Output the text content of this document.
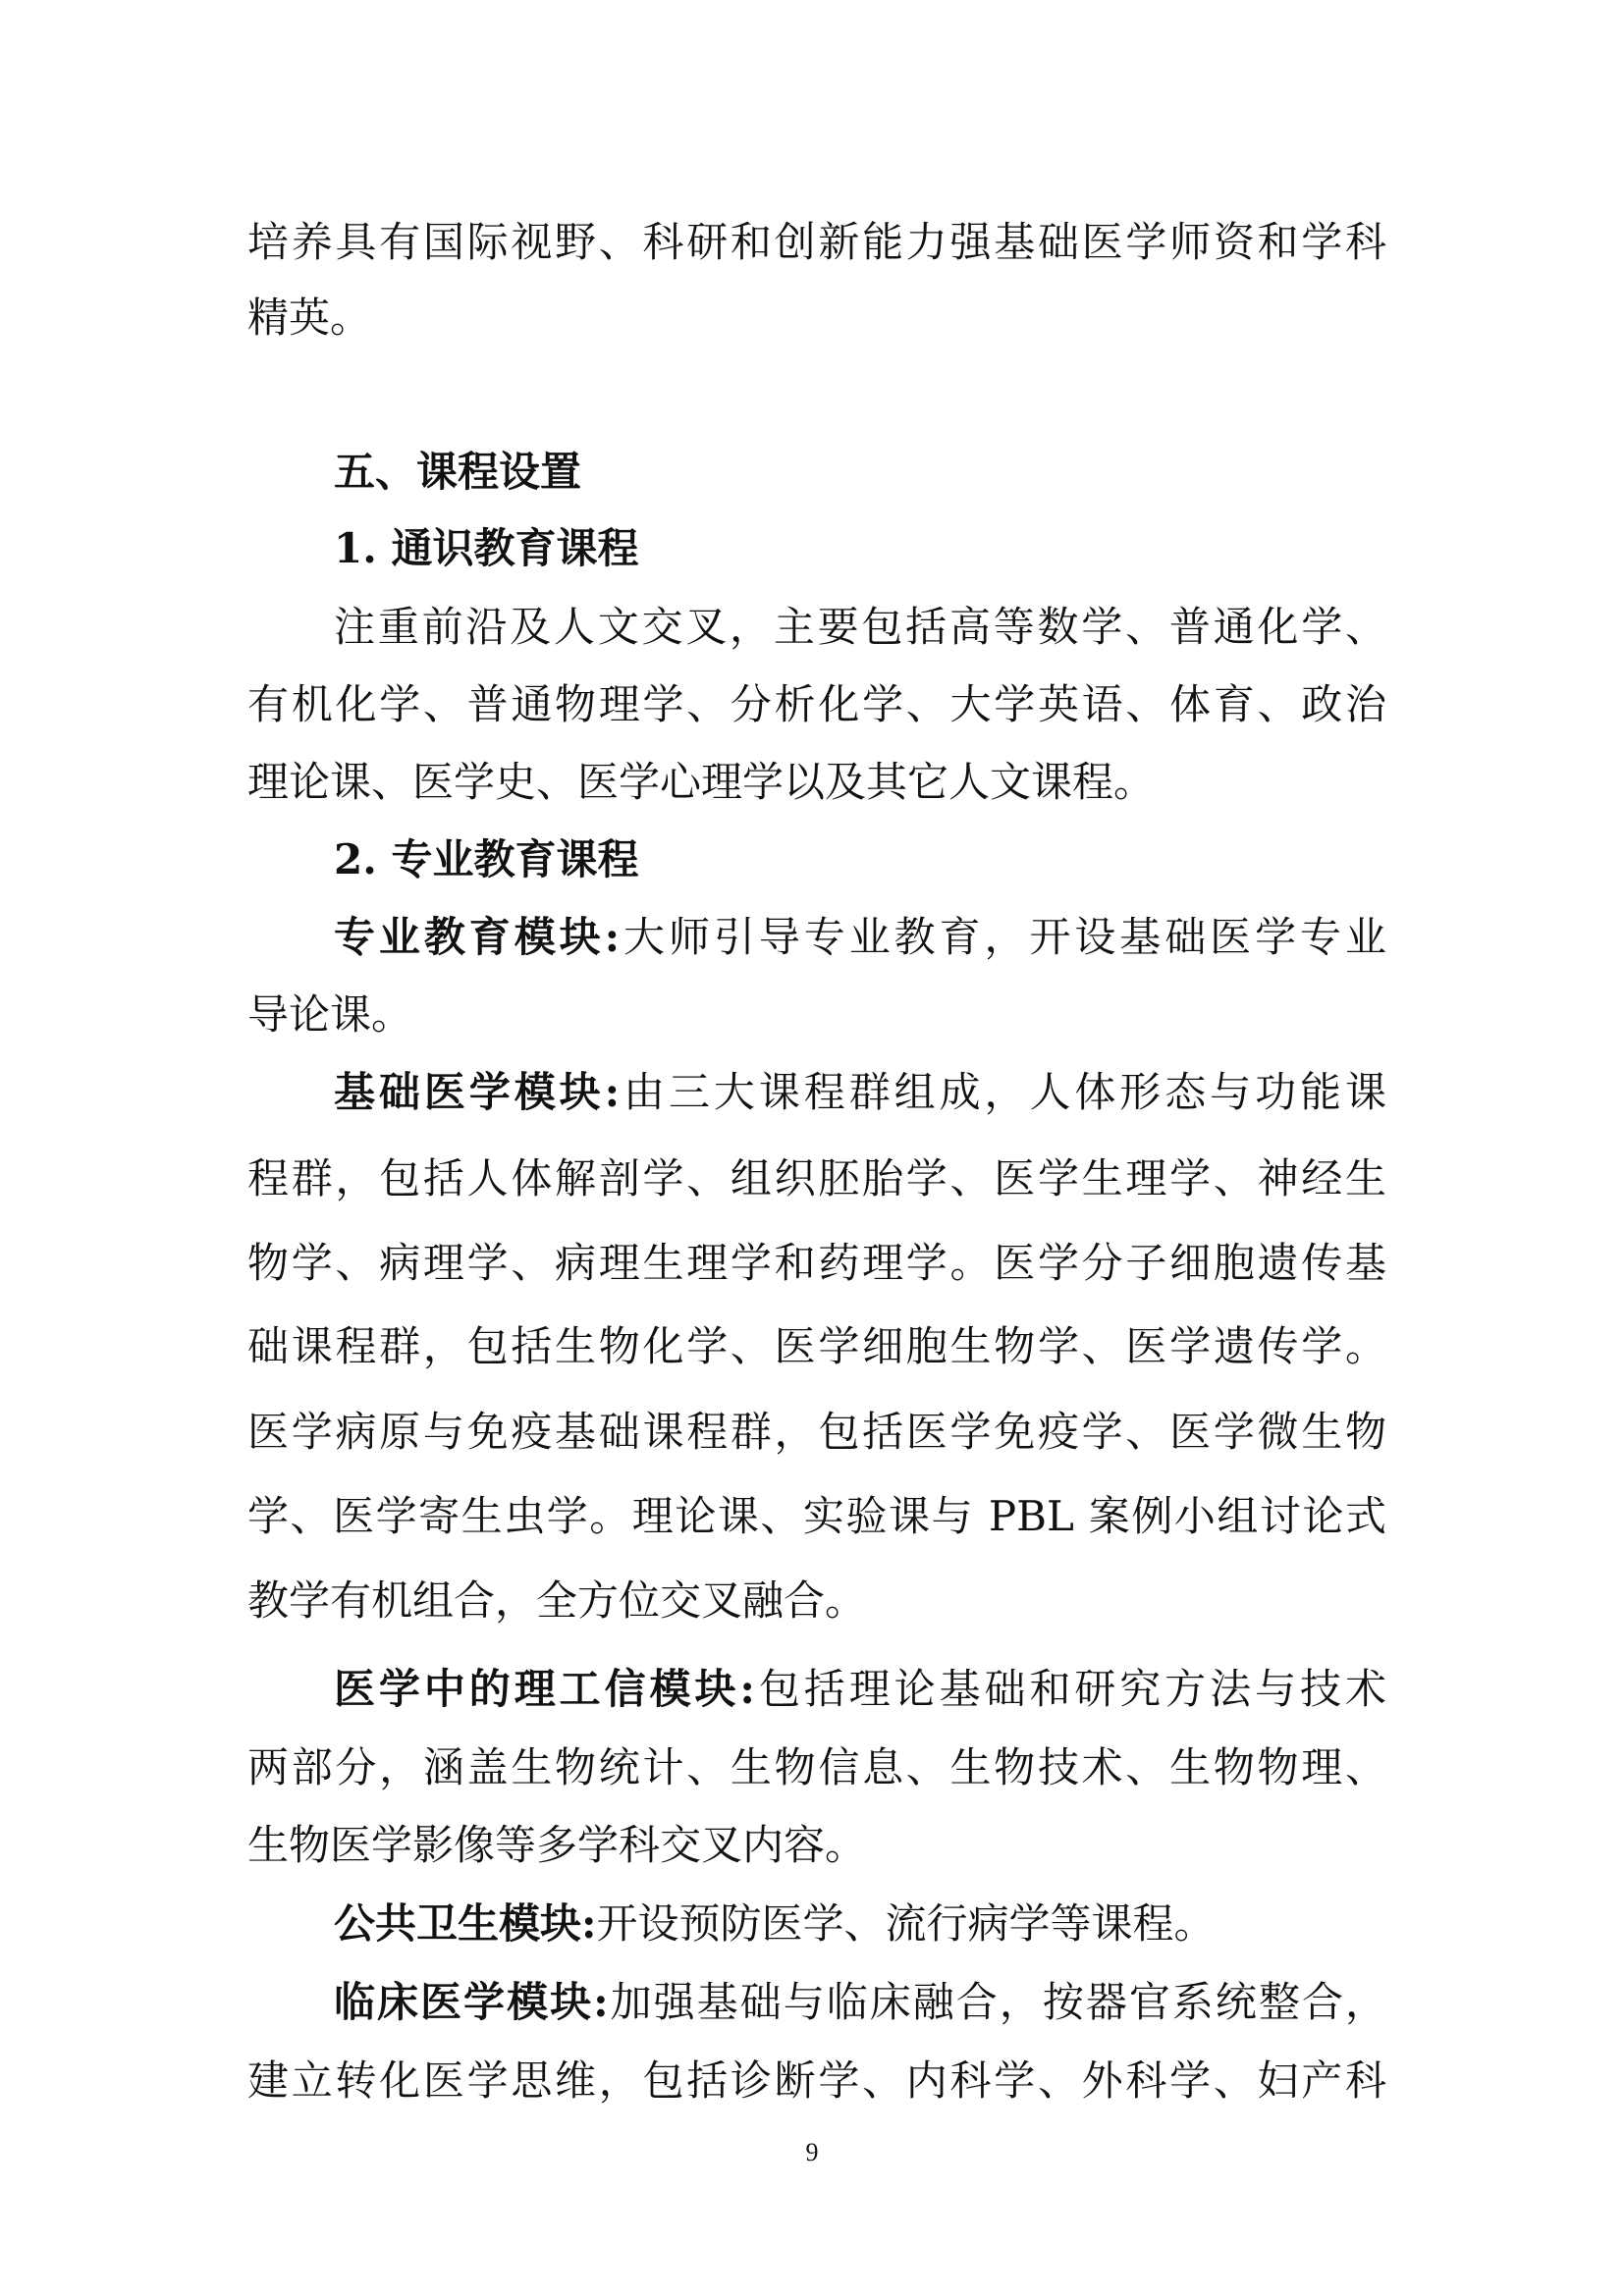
培养具有国际视野、科研和创新能力强基础医学师资和学科
精英。
五、课程设置
1. 通识教育课程
注重前沿及人文交叉，主要包括高等数学、普通化学、
有机化学、普通物理学、分析化学、大学英语、体育、政治
理论课、医学史、医学心理学以及其它人文课程。
2. 专业教育课程
专业教育模块:大师引导专业教育，开设基础医学专业
导论课。
基础医学模块:由三大课程群组成，人体形态与功能课
程群，包括人体解剖学、组织胚胎学、医学生理学、神经生
物学、病理学、病理生理学和药理学。医学分子细胞遗传基
础课程群，包括生物化学、医学细胞生物学、医学遗传学。
医学病原与免疫基础课程群，包括医学免疫学、医学微生物
学、医学寄生虫学。理论课、实验课与 PBL 案例小组讨论式
教学有机组合，全方位交叉融合。
医学中的理工信模块:包括理论基础和研究方法与技术
两部分，涵盖生物统计、生物信息、生物技术、生物物理、
生物医学影像等多学科交叉内容。
公共卫生模块:开设预防医学、流行病学等课程。
临床医学模块:加强基础与临床融合，按器官系统整合，
建立转化医学思维，包括诊断学、内科学、外科学、妇产科
9
